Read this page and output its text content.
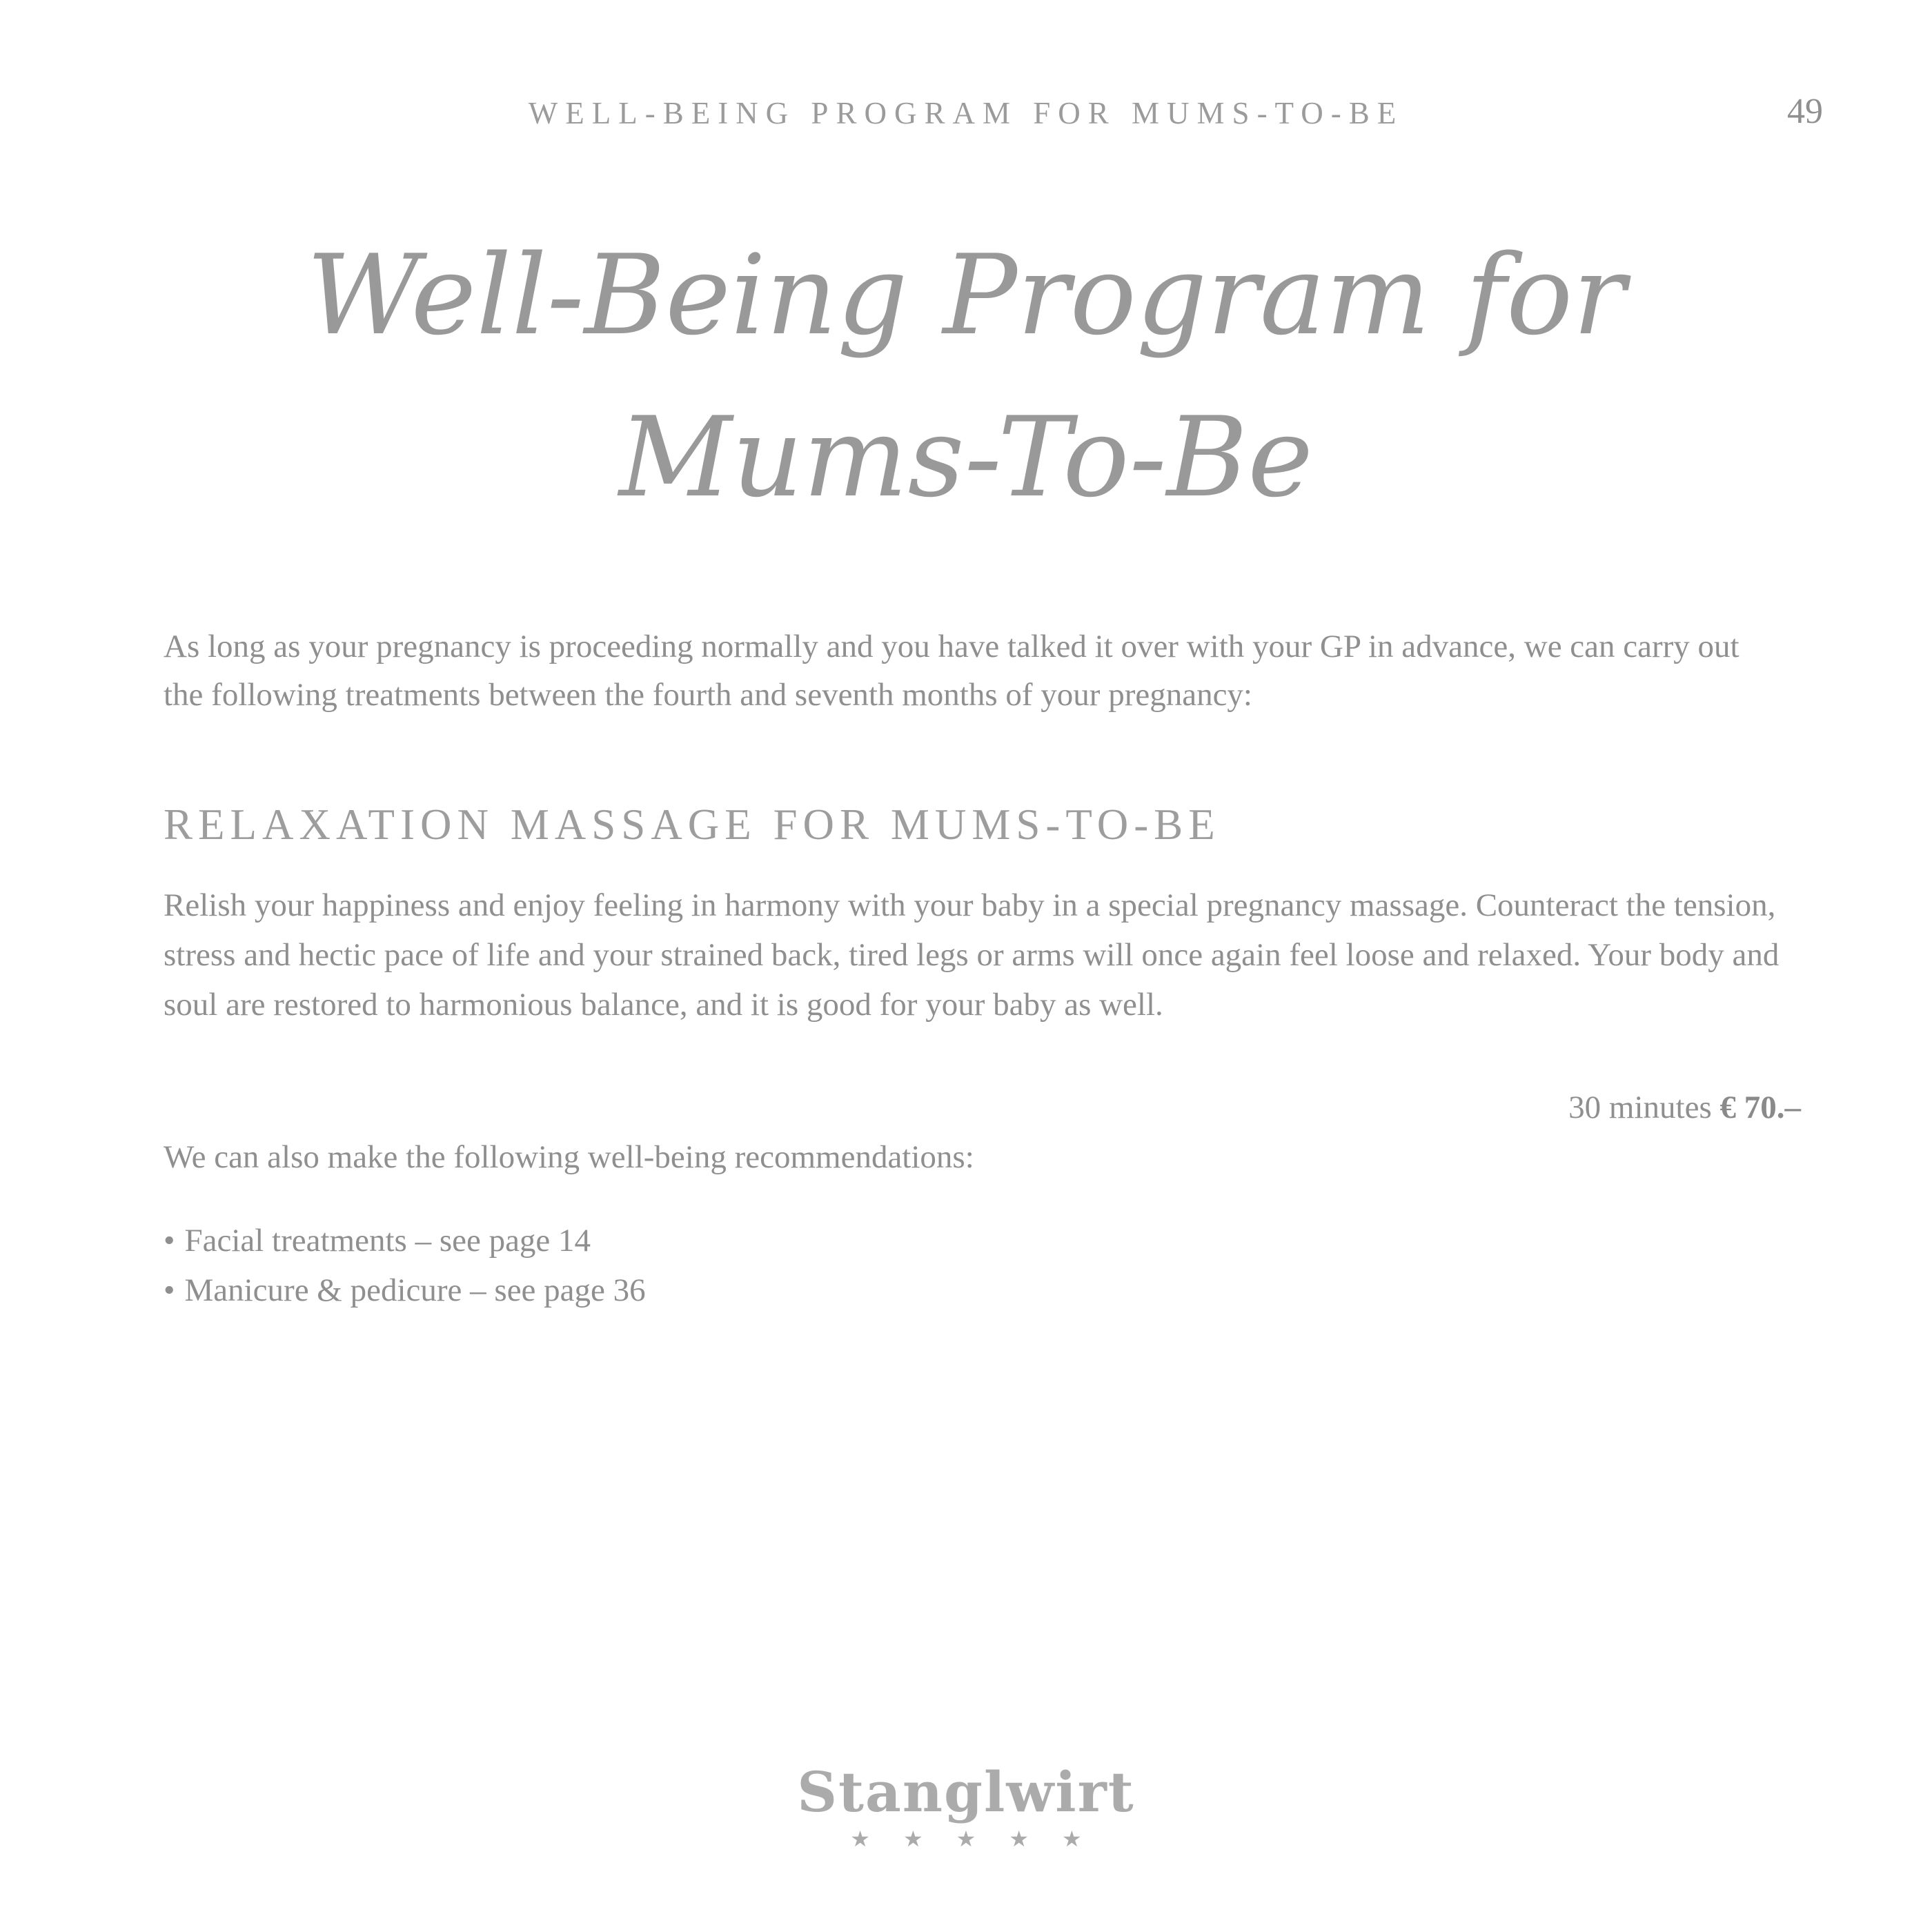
WELL-BEING PROGRAM FOR MUMS-TO-BE	49
Well-Being Program for
Mums-To-Be

As long as your pregnancy is proceeding normally and you have talked it over with your GP in advance, we can carry out the following treatments between the fourth and seventh months of your pregnancy:

RELAXATION MASSAGE FOR MUMS-TO-BE

Relish your happiness and enjoy feeling in harmony with your baby in a special pregnancy massage. Counteract the tension, stress and hectic pace of life and your strained back, tired legs or arms will once again feel loose and relaxed. Your body and soul are restored to harmonious balance, and it is good for your baby as well.

30 minutes € 70.–

We can also make the following well-being recommendations:

• Facial treatments – see page 14
• Manicure & pedicure – see page 36
Stanglwirt
★ ★ ★ ★ ★
